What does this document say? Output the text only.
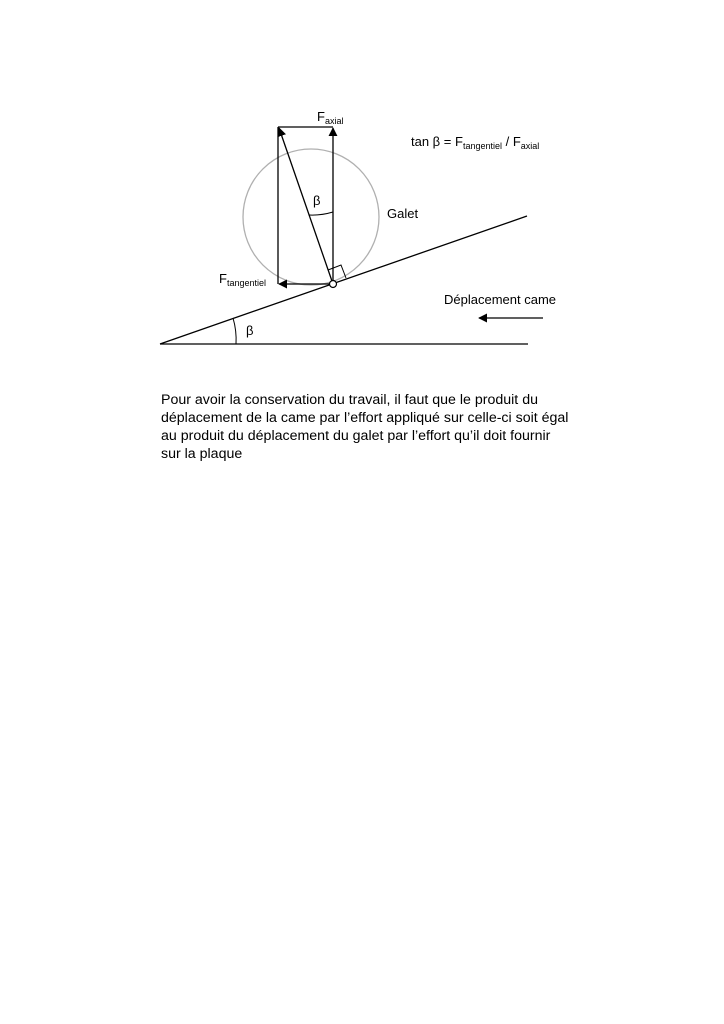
$F_{axial}$
$F_{tangentiel}$
$\tan \beta = F_{tangentiel} / F_{axial}$
β
β
Galet
Déplacement came

Pour avoir la conservation du travail, il faut que le produit du
déplacement de la came par l’effort appliqué sur celle-ci soit égal
au produit du déplacement du galet par l’effort qu’il doit fournir
sur la plaque
